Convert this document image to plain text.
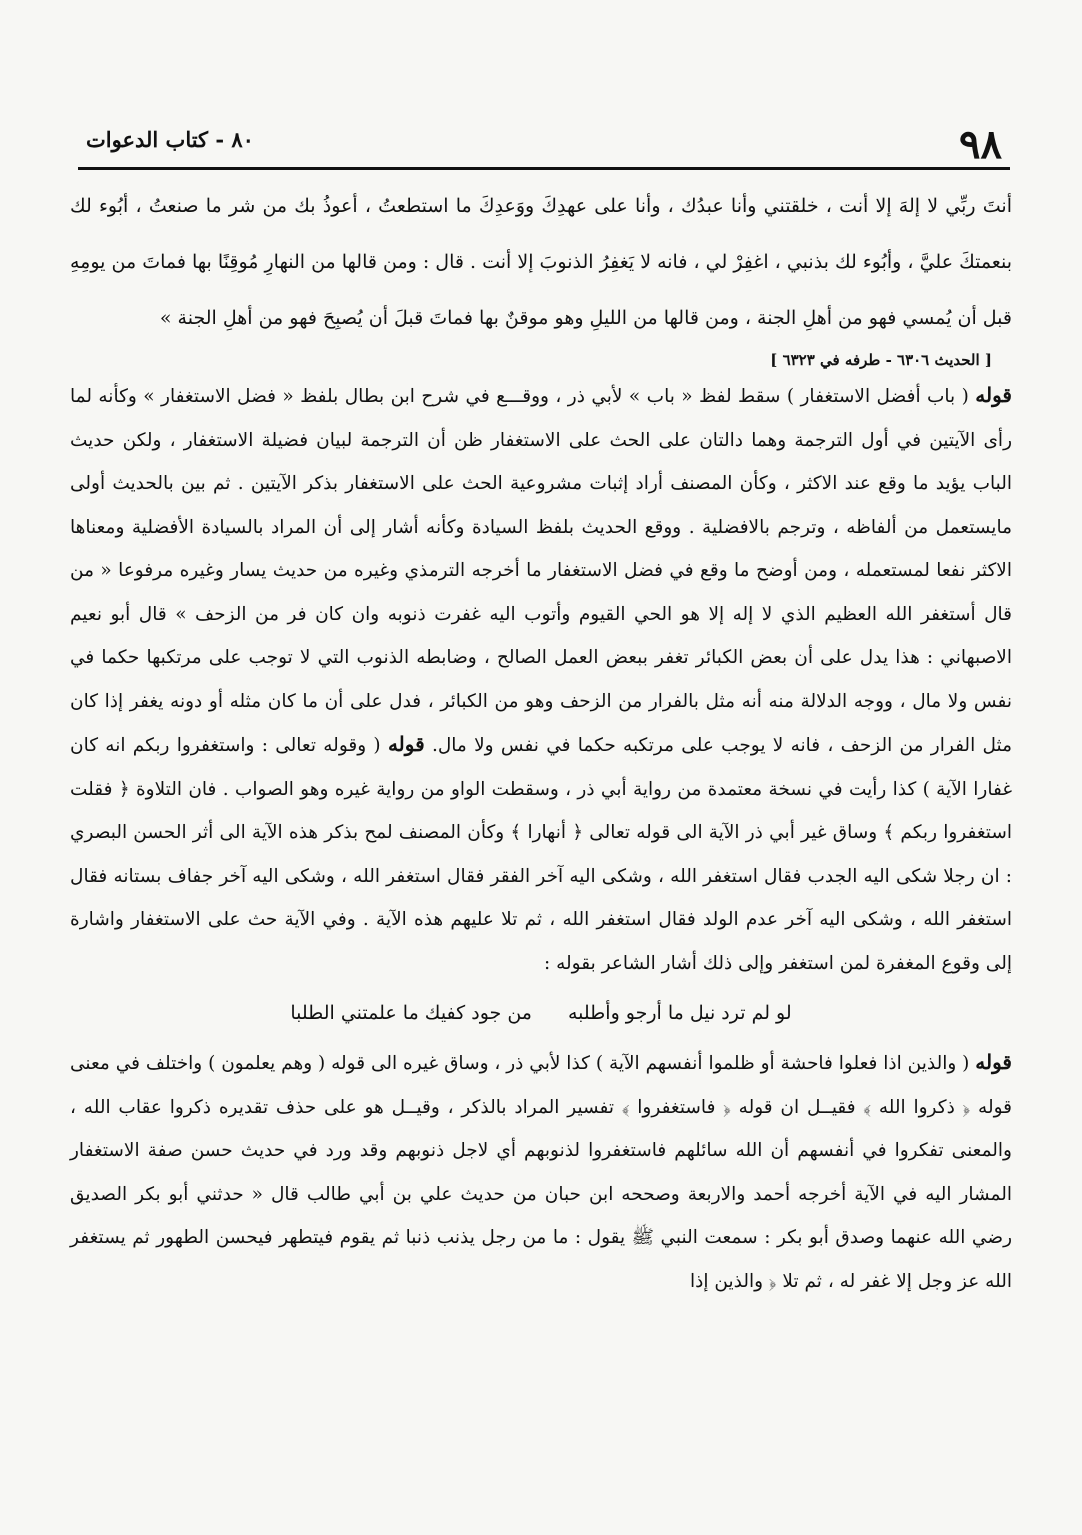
٩٨
٨٠ - كتاب الدعوات

أنتَ ربِّي لا إلهَ إلا أنت ، خلقتني وأنا عبدُك ، وأنا على عهدِكَ ووَعدِكَ ما استطعتُ ، أعوذُ بك من شر ما صنعتُ ، أبُوء لك بنعمتكَ عليَّ ، وأبُوء لك بذنبي ، اغفِرْ لي ، فانه لا يَغفِرُ الذنوبَ إلا أنت . قال : ومن قالها من النهارِ مُوقِنًا بها فماتَ من يومِهِ قبل أن يُمسي فهو من أهلِ الجنة ، ومن قالها من الليلِ وهو موقنٌ بها فماتَ قبلَ أن يُصبِحَ فهو من أهلِ الجنة »

[ الحديث ٦٣٠٦ - طرفه في ٦٣٢٣ ]

قوله ( باب أفضل الاستغفار ) سقط لفظ « باب » لأبي ذر ، ووقـــع في شرح ابن بطال بلفظ « فضل الاستغفار » وكأنه لما رأى الآيتين في أول الترجمة وهما دالتان على الحث على الاستغفار ظن أن الترجمة لبيان فضيلة الاستغفار ، ولكن حديث الباب يؤيد ما وقع عند الاكثر ، وكأن المصنف أراد إثبات مشروعية الحث على الاستغفار بذكر الآيتين . ثم بين بالحديث أولى مايستعمل من ألفاظه ، وترجم بالافضلية . ووقع الحديث بلفظ السيادة وكأنه أشار إلى أن المراد بالسيادة الأفضلية ومعناها الاكثر نفعا لمستعمله ، ومن أوضح ما وقع في فضل الاستغفار ما أخرجه الترمذي وغيره من حديث يسار وغيره مرفوعا « من قال أستغفر الله العظيم الذي لا إله إلا هو الحي القيوم وأتوب اليه غفرت ذنوبه وان كان فر من الزحف » قال أبو نعيم الاصبهاني : هذا يدل على أن بعض الكبائر تغفر ببعض العمل الصالح ، وضابطه الذنوب التي لا توجب على مرتكبها حكما في نفس ولا مال ، ووجه الدلالة منه أنه مثل بالفرار من الزحف وهو من الكبائر ، فدل على أن ما كان مثله أو دونه يغفر إذا كان مثل الفرار من الزحف ، فانه لا يوجب على مرتكبه حكما في نفس ولا مال. قوله ( وقوله تعالى : واستغفروا ربكم انه كان غفارا الآية ) كذا رأيت في نسخة معتمدة من رواية أبي ذر ، وسقطت الواو من رواية غيره وهو الصواب . فان التلاوة ﴿ فقلت استغفروا ربكم ﴾ وساق غير أبي ذر الآية الى قوله تعالى ﴿ أنهارا ﴾ وكأن المصنف لمح بذكر هذه الآية الى أثر الحسن البصري : ان رجلا شكى اليه الجدب فقال استغفر الله ، وشكى اليه آخر الفقر فقال استغفر الله ، وشكى اليه آخر جفاف بستانه فقال استغفر الله ، وشكى اليه آخر عدم الولد فقال استغفر الله ، ثم تلا عليهم هذه الآية . وفي الآية حث على الاستغفار واشارة إلى وقوع المغفرة لمن استغفر وإلى ذلك أشار الشاعر بقوله :

لو لم ترد نيل ما أرجو وأطلبهمن جود كفيك ما علمتني الطلبا

قوله ( والذين اذا فعلوا فاحشة أو ظلموا أنفسهم الآية ) كذا لأبي ذر ، وساق غيره الى قوله ( وهم يعلمون ) واختلف في معنى قوله ﴿ ذكروا الله ﴾ فقيــل ان قوله ﴿ فاستغفروا ﴾ تفسير المراد بالذكر ، وقيــل هو على حذف تقديره ذكروا عقاب الله ، والمعنى تفكروا في أنفسهم أن الله سائلهم فاستغفروا لذنوبهم أي لاجل ذنوبهم وقد ورد في حديث حسن صفة الاستغفار المشار اليه في الآية أخرجه أحمد والاربعة وصححه ابن حبان من حديث علي بن أبي طالب قال « حدثني أبو بكر الصديق رضي الله عنهما وصدق أبو بكر : سمعت النبي ﷺ يقول : ما من رجل يذنب ذنبا ثم يقوم فيتطهر فيحسن الطهور ثم يستغفر الله عز وجل إلا غفر له ، ثم تلا ﴿ والذين إذا
